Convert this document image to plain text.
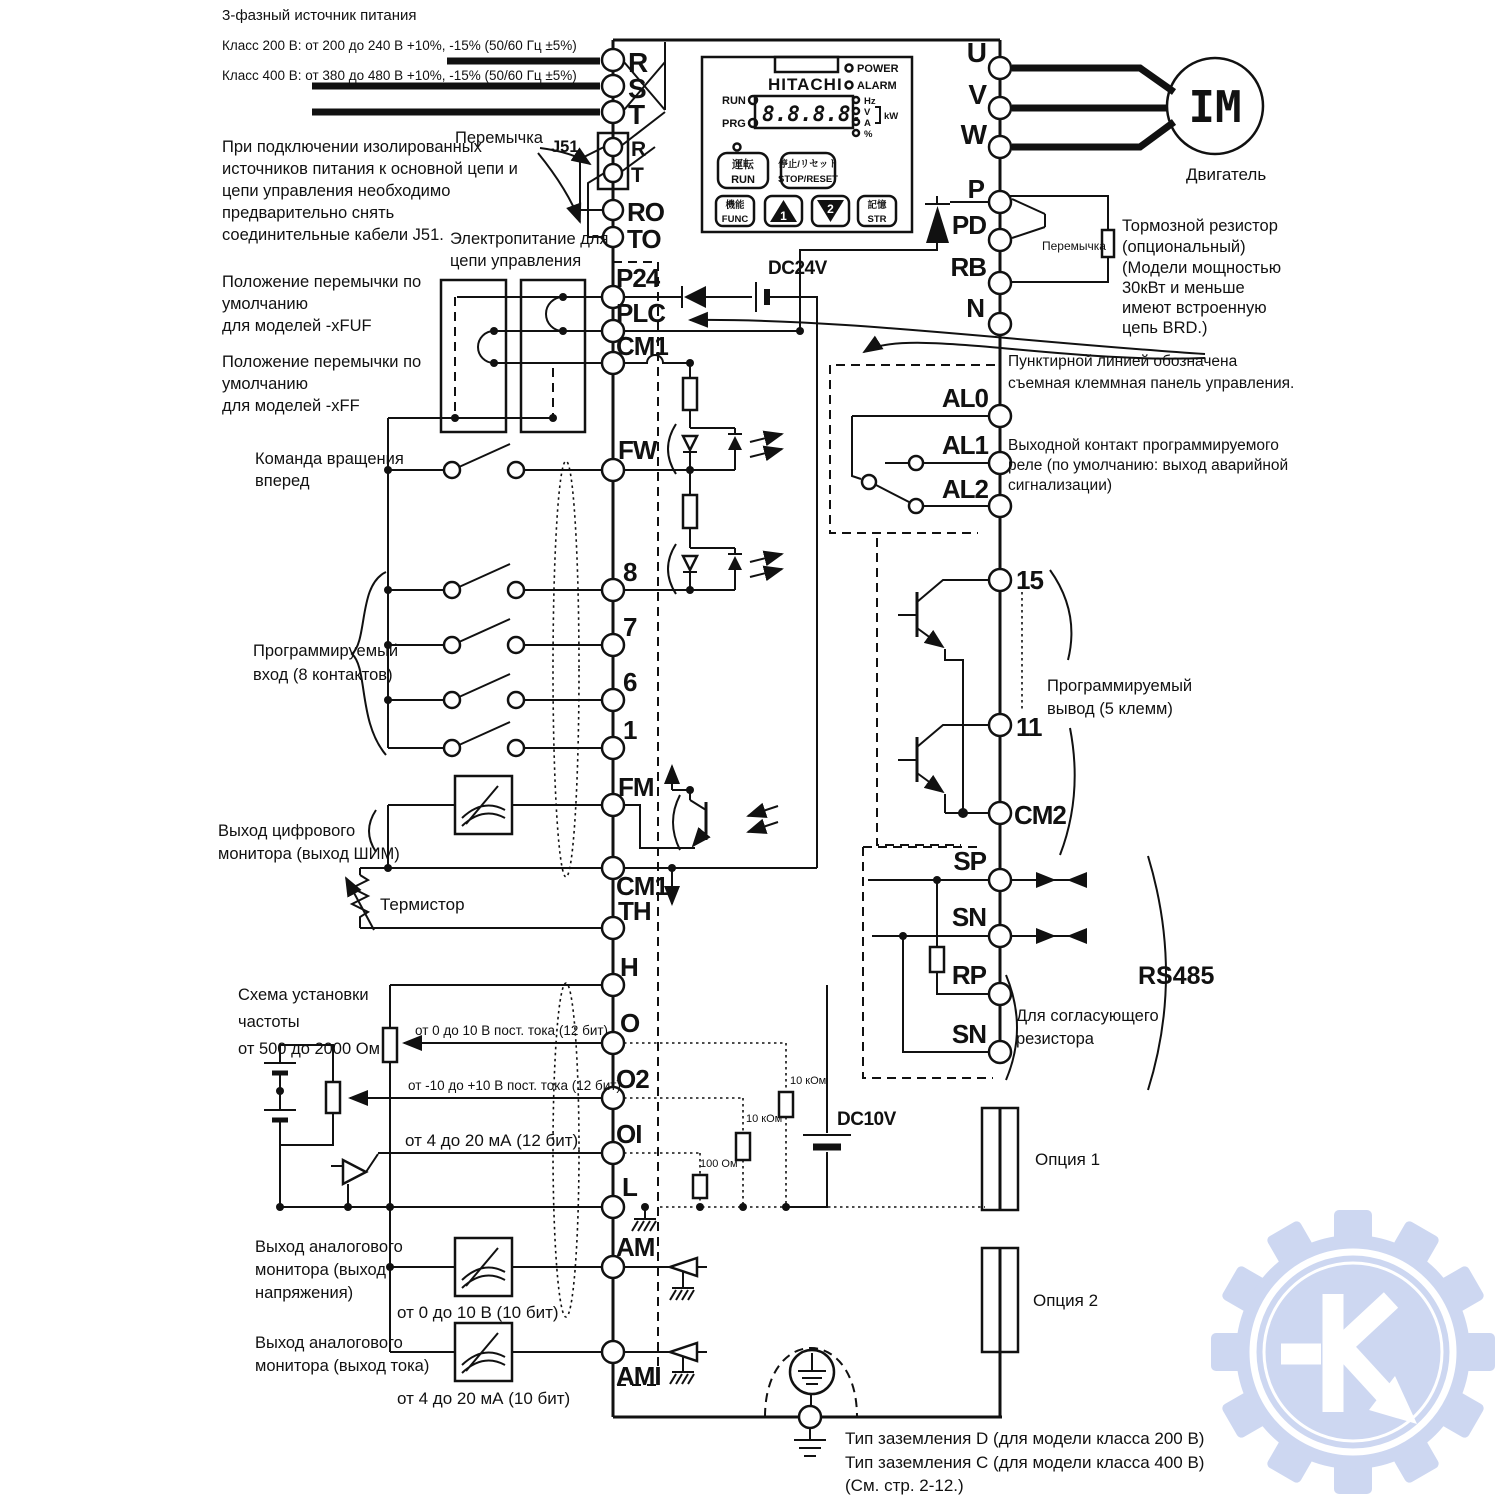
HITACHI
8.8.8.8.
RUN
PRG
POWER
ALARM
Hz
V
A
%
kW
運転
RUN
停止/リセット
STOP/RESET
機能
FUNC	1	2	記憶
STR
IM
R
S
T
R
T
RO
TO
P24
PLC
CM1
FW
8
7
6
1
FM
CM1
TH
H
O
O2
OI
L
AM
AMI
U
V
W
P
PD
RB
N
AL0
AL1
AL2
15
11
CM2
SP
SN
RP
SN
3-фазный источник питания
Класс 200 В: от 200 до 240 В +10%, -15% (50/60 Гц ±5%)
Класс 400 В: от 380 до 480 В +10%, -15% (50/60 Гц ±5%)
При подключении изолированных
источников питания к основной цепи и
цепи управления необходимо
предварительно снять
соединительные кабели J51.
Перемычка J51
Электропитание для
цепи управления
Положение перемычки по
умолчанию
для моделей -xFUF
Положение перемычки по
умолчанию
для моделей -xFF
Команда вращения
вперед
Программируемый
вход (8 контактов)
Выход цифрового
монитора (выход ШИМ)
Термистор
Схема установки
частоты
от 500 до 2000 Ом
от 0 до 10 В пост. тока (12 бит)
от -10 до +10 В пост. тока (12 бит)
от 4 до 20 мА (12 бит)
Выход аналогового
монитора (выход
напряжения)
от 0 до 10 В (10 бит)
Выход аналогового
монитора (выход тока)
от 4 до 20 мА (10 бит)
DC24V
DC10V
10 кОм
10 кОм
100 Ом
Пунктирной линией обозначена
съемная клеммная панель управления.
Выходной контакт программируемого
реле (по умолчанию: выход аварийной
сигнализации)
Программируемый
вывод (5 клемм)
RS485
Для согласующего
резистора
Опция 1
Опция 2
Двигатель
Перемычка
Тормозной резистор
(опциональный)
(Модели мощностью
30кВт и меньше
имеют встроенную
цепь BRD.)
Тип заземления D (для модели класса 200 В)
Тип заземления C (для модели класса 400 В)
(См. стр. 2-12.)
